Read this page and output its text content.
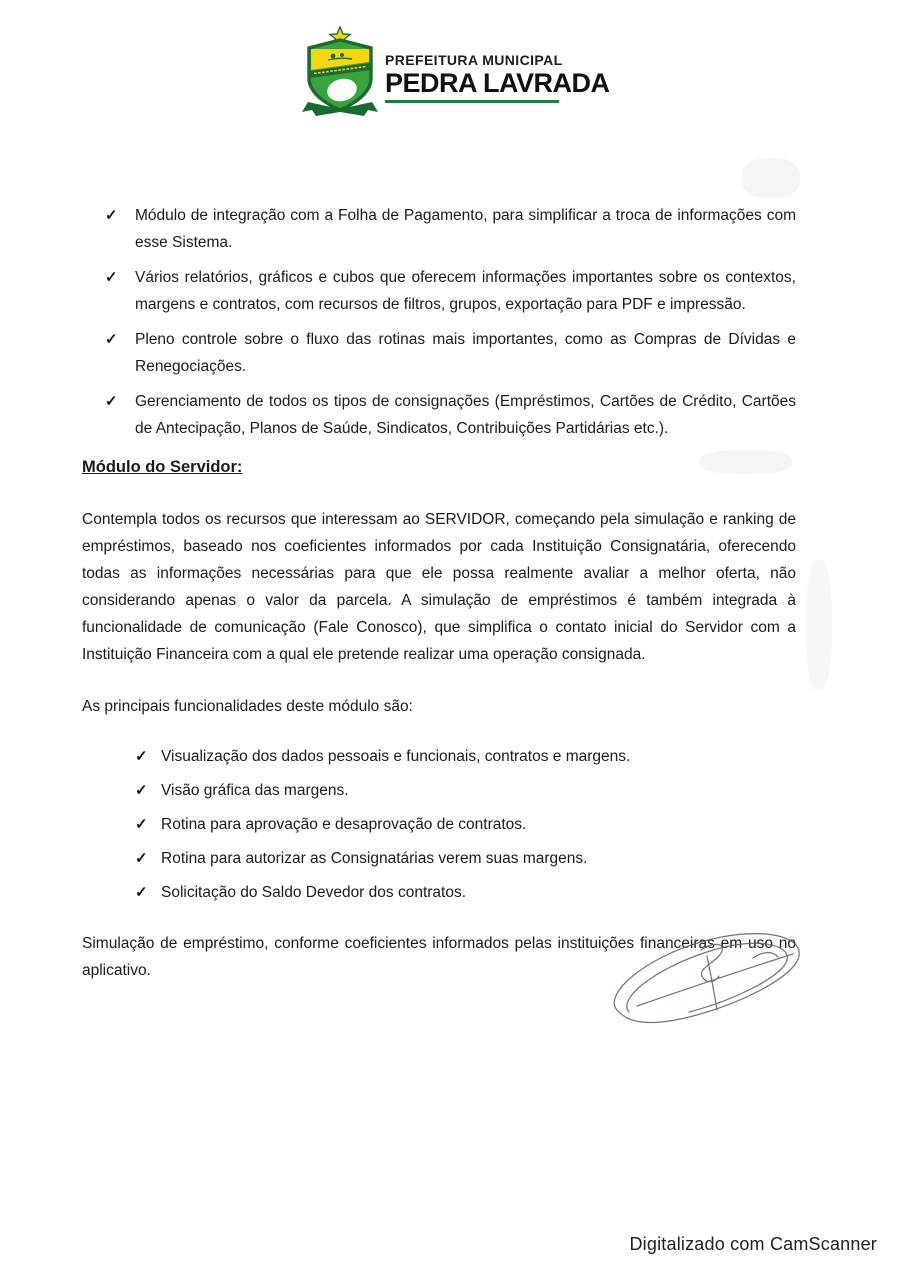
PREFEITURA MUNICIPAL
PEDRA LAVRADA
✓	Módulo de integração com a Folha de Pagamento, para simplificar a troca de informações com esse Sistema.
✓	Vários relatórios, gráficos e cubos que oferecem informações importantes sobre os contextos, margens e contratos, com recursos de filtros, grupos, exportação para PDF e impressão.
✓	Pleno controle sobre o fluxo das rotinas mais importantes, como as Compras de Dívidas e Renegociações.
✓	Gerenciamento de todos os tipos de consignações (Empréstimos, Cartões de Crédito, Cartões de Antecipação, Planos de Saúde, Sindicatos, Contribuições Partidárias etc.).
Módulo do Servidor:

Contempla todos os recursos que interessam ao SERVIDOR, começando pela simulação e ranking de empréstimos, baseado nos coeficientes informados por cada Instituição Consignatária, oferecendo todas as informações necessárias para que ele possa realmente avaliar a melhor oferta, não considerando apenas o valor da parcela. A simulação de empréstimos é também integrada à funcionalidade de comunicação (Fale Conosco), que simplifica o contato inicial do Servidor com a Instituição Financeira com a qual ele pretende realizar uma operação consignada.

As principais funcionalidades deste módulo são:

✓ Visualização dos dados pessoais e funcionais, contratos e margens.
✓ Visão gráfica das margens.
✓ Rotina para aprovação e desaprovação de contratos.
✓ Rotina para autorizar as Consignatárias verem suas margens.
✓ Solicitação do Saldo Devedor dos contratos.

Simulação de empréstimo, conforme coeficientes informados pelas instituições financeiras em uso no aplicativo.

Digitalizado com CamScanner
